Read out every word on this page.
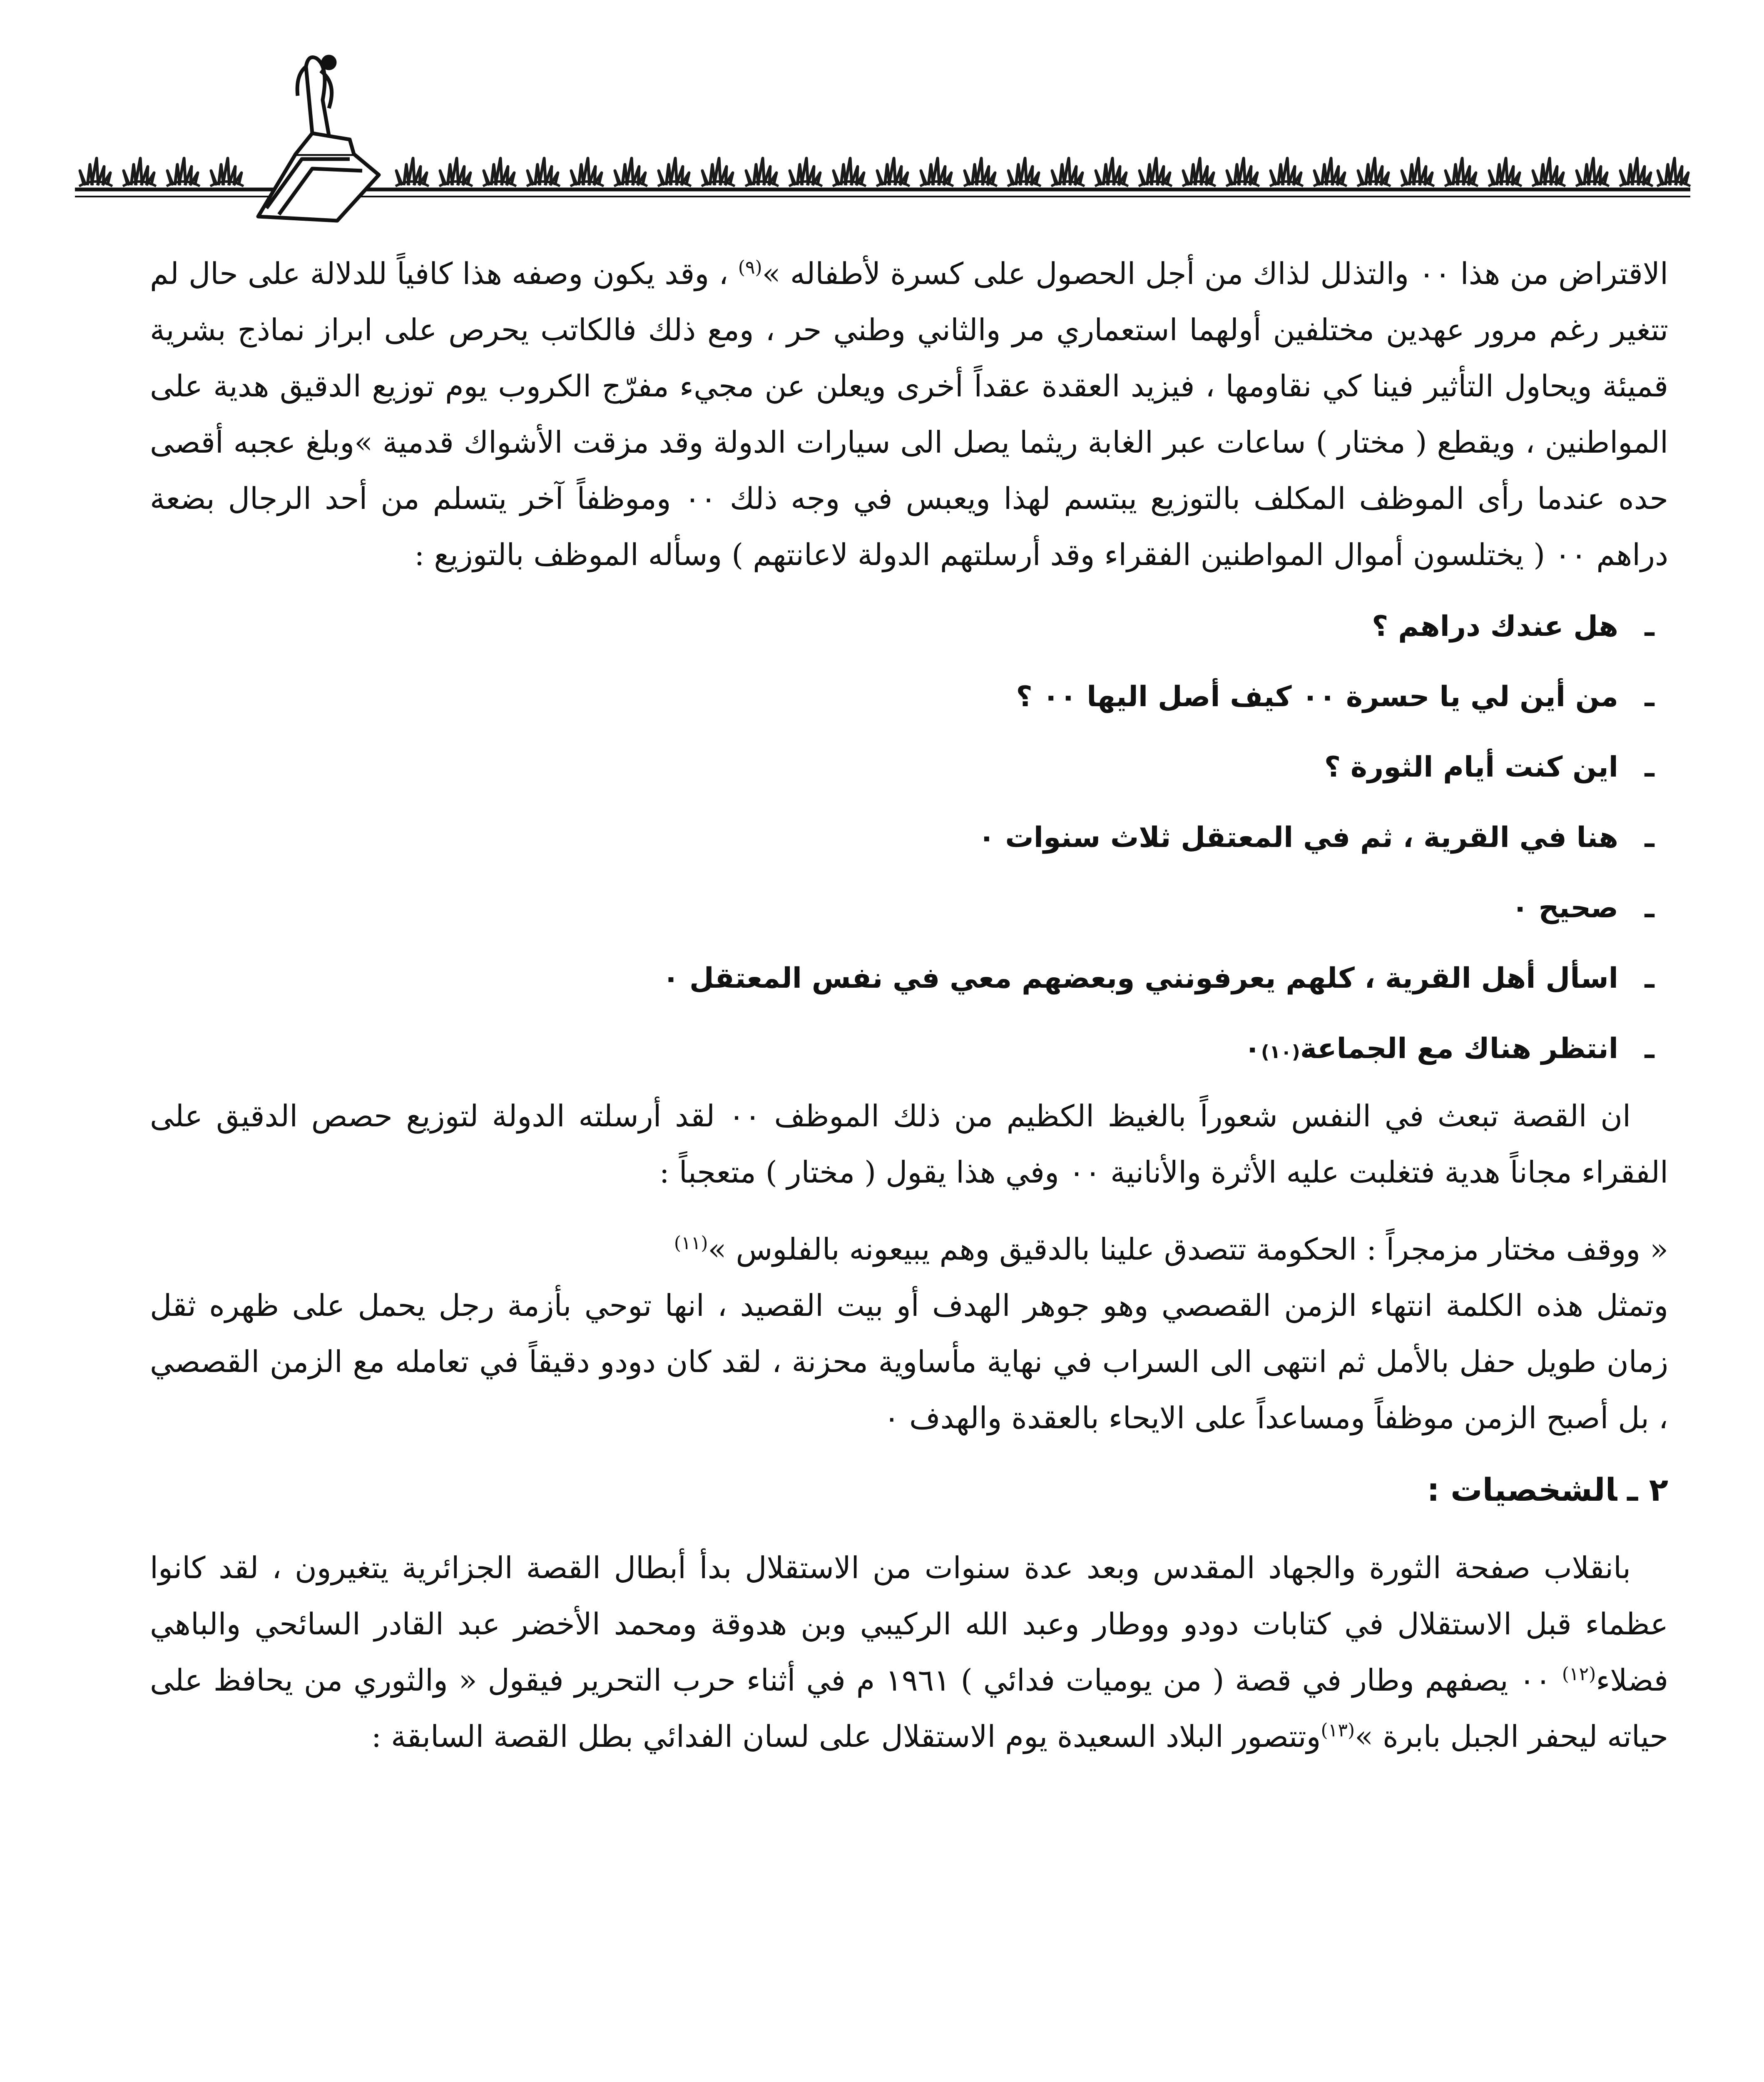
الاقتراض من هذا ٠٠ والتذلل لذاك من أجل الحصول على كسرة لأطفاله »$^{(٩)}$ ، وقد يكون وصفه هذا كافياً للدلالة على حال لم تتغير رغم مرور عهدين مختلفين أولهما استعماري مر والثاني وطني حر ، ومع ذلك فالكاتب يحرص على ابراز نماذج بشرية قميئة ويحاول التأثير فينا كي نقاومها ، فيزيد العقدة عقداً أخرى ويعلن عن مجيء مفرّج الكروب يوم توزيع الدقيق هدية على المواطنين ، ويقطع ( مختار ) ساعات عبر الغابة ريثما يصل الى سيارات الدولة وقد مزقت الأشواك قدمية »وبلغ عجبه أقصى حده عندما رأى الموظف المكلف بالتوزيع يبتسم لهذا ويعبس في وجه ذلك ٠٠ وموظفاً آخر يتسلم من أحد الرجال بضعة دراهم ٠٠ ( يختلسون أموال المواطنين الفقراء وقد أرسلتهم الدولة لاعانتهم ) وسأله الموظف بالتوزيع :

ـ
هل عندك دراهم ؟
ـ
من أين لي يا حسرة ٠٠ كيف أصل اليها ٠٠ ؟
ـ
اين كنت أيام الثورة ؟
ـ
هنا في القرية ، ثم في المعتقل ثلاث سنوات ٠
ـ
صحيح ٠
ـ
اسأل أهل القرية ، كلهم يعرفونني وبعضهم معي في نفس المعتقل ٠
ـ
انتظر هناك مع الجماعة
(١٠)
٠

ان القصة تبعث في النفس شعوراً بالغيظ الكظيم من ذلك الموظف ٠٠ لقد أرسلته الدولة لتوزيع حصص الدقيق على الفقراء مجاناً هدية فتغلبت عليه الأثرة والأنانية ٠٠ وفي هذا يقول ( مختار ) متعجباً :

« ووقف مختار مزمجراً : الحكومة تتصدق علينا بالدقيق وهم يبيعونه بالفلوس »$^{(١١)}$

وتمثل هذه الكلمة انتهاء الزمن القصصي وهو جوهر الهدف أو بيت القصيد ، انها توحي بأزمة رجل يحمل على ظهره ثقل زمان طويل حفل بالأمل ثم انتهى الى السراب في نهاية مأساوية محزنة ، لقد كان دودو دقيقاً في تعامله مع الزمن القصصي ، بل أصبح الزمن موظفاً ومساعداً على الايحاء بالعقدة والهدف ٠

٢ ـالشخصيات :

بانقلاب صفحة الثورة والجهاد المقدس وبعد عدة سنوات من الاستقلال بدأ أبطال القصة الجزائرية يتغيرون ، لقد كانوا عظماء قبل الاستقلال في كتابات دودو ووطار وعبد الله الركيبي وبن هدوقة ومحمد الأخضر عبد القادر السائحي والباهي فضلاء$^{(١٢)}$ ٠٠ يصفهم وطار في قصة ( من يوميات فدائي ) ١٩٦١ م في أثناء حرب التحرير فيقول « والثوري من يحافظ على حياته ليحفر الجبل بابرة »$^{(١٣)}$وتتصور البلاد السعيدة يوم الاستقلال على لسان الفدائي بطل القصة السابقة :
